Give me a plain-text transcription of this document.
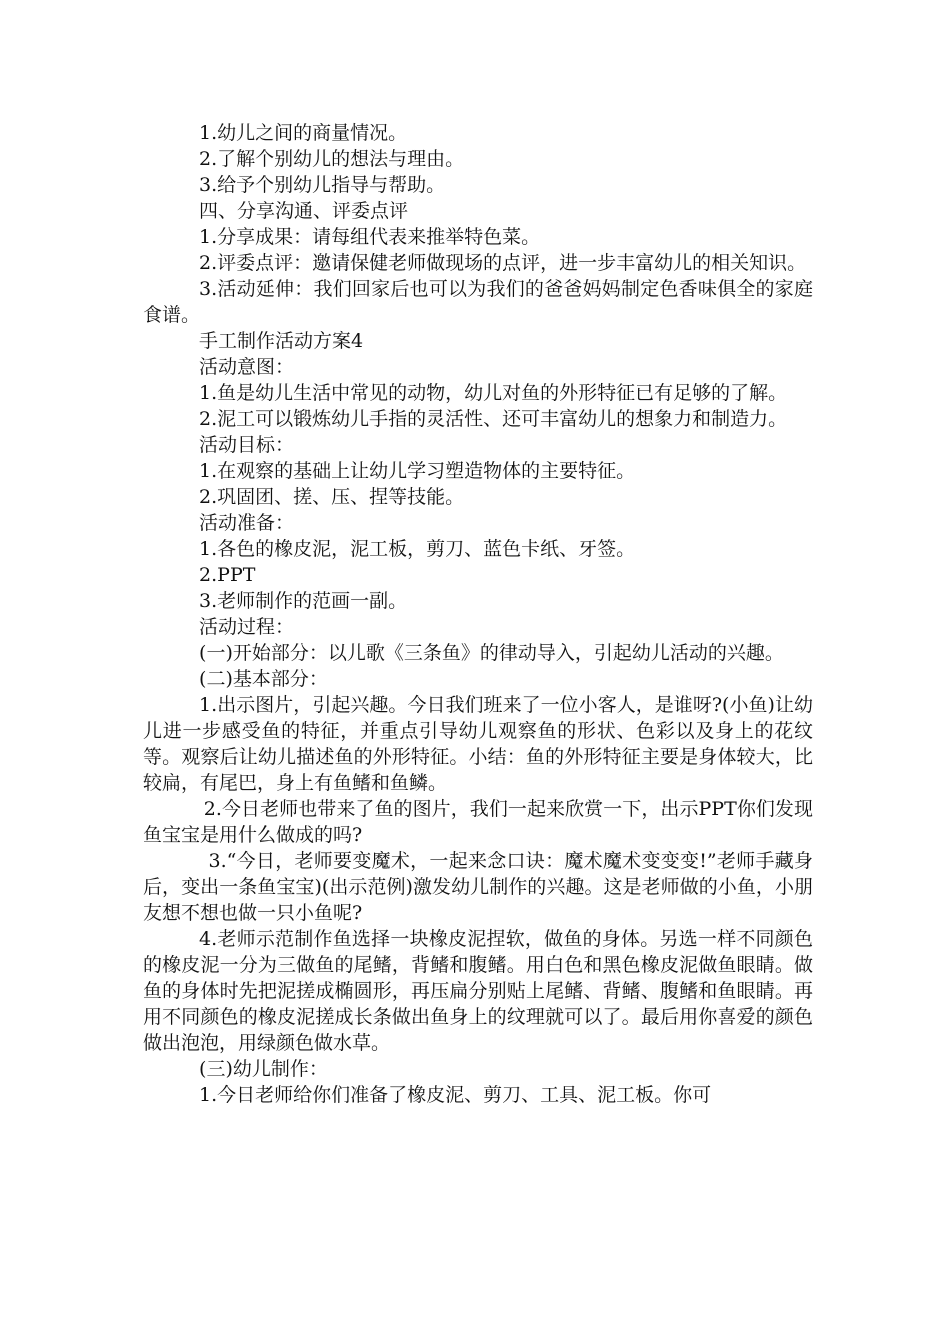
1.幼儿之间的商量情况。

2.了解个别幼儿的想法与理由。

3.给予个别幼儿指导与帮助。

四、分享沟通、评委点评

1.分享成果：请每组代表来推举特色菜。

2.评委点评：邀请保健老师做现场的点评，进一步丰富幼儿的相关知识。

3.活动延伸：我们回家后也可以为我们的爸爸妈妈制定色香味俱全的家庭食谱。

手工制作活动方案4

活动意图：

1.鱼是幼儿生活中常见的动物，幼儿对鱼的外形特征已有足够的了解。

2.泥工可以锻炼幼儿手指的灵活性、还可丰富幼儿的想象力和制造力。

活动目标：

1.在观察的基础上让幼儿学习塑造物体的主要特征。

2.巩固团、搓、压、捏等技能。

活动准备：

1.各色的橡皮泥，泥工板，剪刀、蓝色卡纸、牙签。

2.PPT

3.老师制作的范画一副。

活动过程：

(一)开始部分：以儿歌《三条鱼》的律动导入，引起幼儿活动的兴趣。

(二)基本部分：

1.出示图片，引起兴趣。今日我们班来了一位小客人，是谁呀?(小鱼)让幼儿进一步感受鱼的特征，并重点引导幼儿观察鱼的形状、色彩以及身上的花纹等。观察后让幼儿描述鱼的外形特征。小结：鱼的外形特征主要是身体较大，比较扁，有尾巴，身上有鱼鳍和鱼鳞。

2.今日老师也带来了鱼的图片，我们一起来欣赏一下，出示PPT你们发现鱼宝宝是用什么做成的吗?

3.“今日，老师要变魔术，一起来念口诀：魔术魔术变变变!”老师手藏身后，变出一条鱼宝宝)(出示范例)激发幼儿制作的兴趣。这是老师做的小鱼，小朋友想不想也做一只小鱼呢?

4.老师示范制作鱼选择一块橡皮泥捏软，做鱼的身体。另选一样不同颜色的橡皮泥一分为三做鱼的尾鳍，背鳍和腹鳍。用白色和黑色橡皮泥做鱼眼睛。做鱼的身体时先把泥搓成椭圆形，再压扁分别贴上尾鳍、背鳍、腹鳍和鱼眼睛。再用不同颜色的橡皮泥搓成长条做出鱼身上的纹理就可以了。最后用你喜爱的颜色做出泡泡，用绿颜色做水草。

(三)幼儿制作：

1.今日老师给你们准备了橡皮泥、剪刀、工具、泥工板。你可
